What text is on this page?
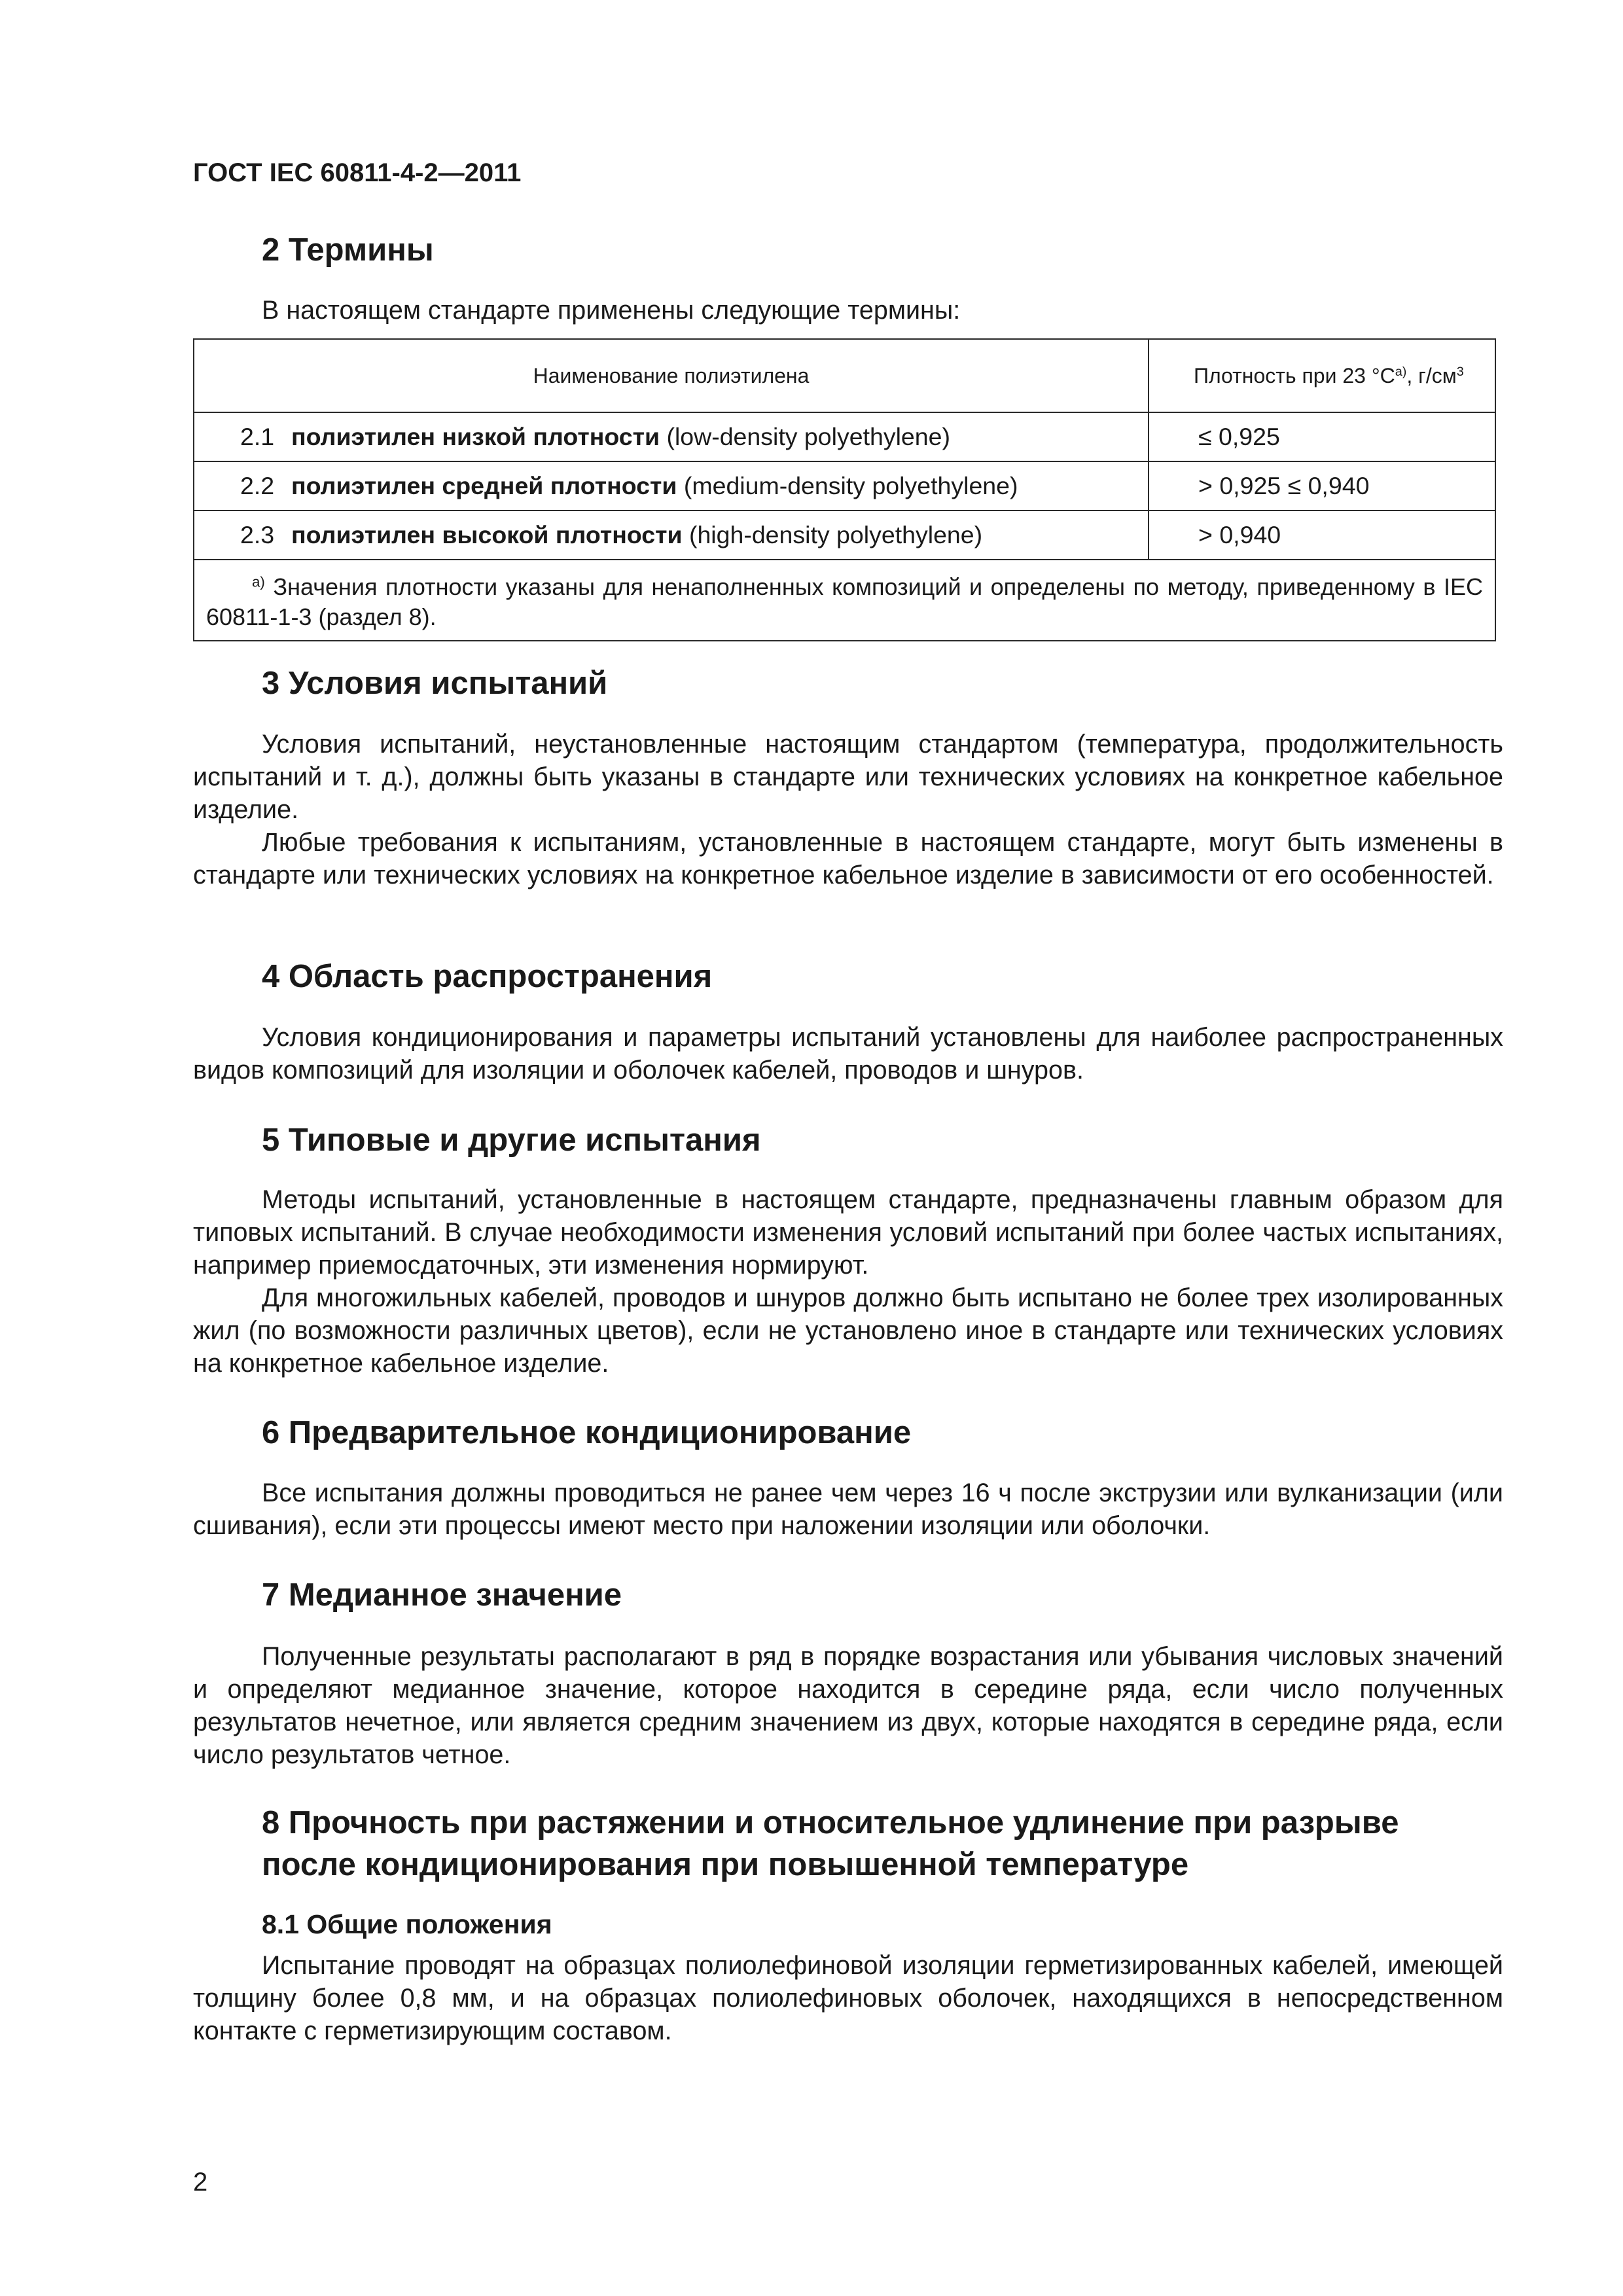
ГОСТ IEC 60811-4-2—2011
2 Термины
В настоящем стандарте применены следующие термины:
Наименование полиэтилена	Плотность при 23 $^\circ С^{а)}$, $г/см^3$
2.1 полиэтилен низкой плотности (low-density polyethylene)	≤ 0,925
2.2 полиэтилен средней плотности (medium-density polyethylene)	> 0,925 ≤ 0,940
2.3 полиэтилен высокой плотности (high-density polyethylene)	> 0,940
$^{а)}$ Значения плотности указаны для ненаполненных композиций и определены по методу, приведенному в IEC 60811-1-3 (раздел 8).	
3 Условия испытаний

Условия испытаний, неустановленные настоящим стандартом (температура, продолжительность испытаний и т. д.), должны быть указаны в стандарте или технических условиях на конкретное кабельное изделие.

Любые требования к испытаниям, установленные в настоящем стандарте, могут быть изменены в стандарте или технических условиях на конкретное кабельное изделие в зависимости от его особенностей.

4 Область распространения

Условия кондиционирования и параметры испытаний установлены для наиболее распространенных видов композиций для изоляции и оболочек кабелей, проводов и шнуров.

5 Типовые и другие испытания

Методы испытаний, установленные в настоящем стандарте, предназначены главным образом для типовых испытаний. В случае необходимости изменения условий испытаний при более частых испытаниях, например приемосдаточных, эти изменения нормируют.

Для многожильных кабелей, проводов и шнуров должно быть испытано не более трех изолированных жил (по возможности различных цветов), если не установлено иное в стандарте или технических условиях на конкретное кабельное изделие.

6 Предварительное кондиционирование

Все испытания должны проводиться не ранее чем через 16 ч после экструзии или вулканизации (или сшивания), если эти процессы имеют место при наложении изоляции или оболочки.

7 Медианное значение

Полученные результаты располагают в ряд в порядке возрастания или убывания числовых значений и определяют медианное значение, которое находится в середине ряда, если число полученных результатов нечетное, или является средним значением из двух, которые находятся в середине ряда, если число результатов четное.

8 Прочность при растяжении и относительное удлинение при разрыве
после кондиционирования при повышенной температуре
8.1 Общие положения

Испытание проводят на образцах полиолефиновой изоляции герметизированных кабелей, имеющей толщину более 0,8 мм, и на образцах полиолефиновых оболочек, находящихся в непосредственном контакте с герметизирующим составом.

2
